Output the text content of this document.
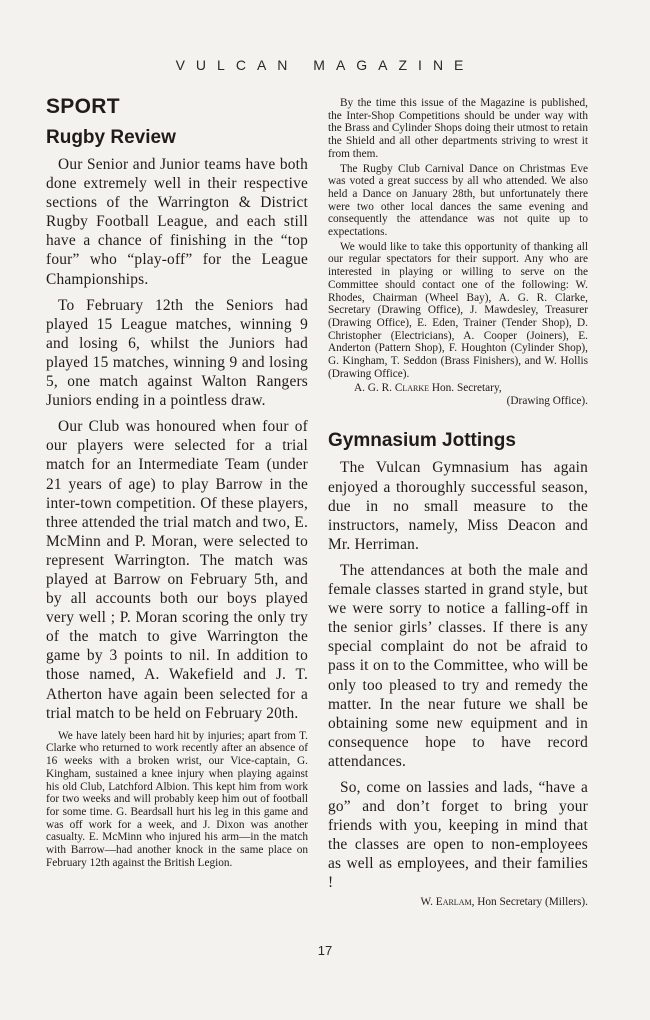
VULCAN MAGAZINE
SPORT
Rugby Review

Our Senior and Junior teams have both done extremely well in their respective sections of the Warrington & District Rugby Football League, and each still have a chance of finishing in the “top four” who “play-off” for the League Championships.

To February 12th the Seniors had played 15 League matches, winning 9 and losing 6, whilst the Juniors had played 15 matches, winning 9 and losing 5, one match against Walton Rangers Juniors ending in a pointless draw.

Our Club was honoured when four of our players were selected for a trial match for an Intermediate Team (under 21 years of age) to play Barrow in the inter-town competition. Of these players, three attended the trial match and two, E. McMinn and P. Moran, were selected to represent Warrington. The match was played at Barrow on February 5th, and by all accounts both our boys played very well ; P. Moran scoring the only try of the match to give Warrington the game by 3 points to nil. In addition to those named, A. Wakefield and J. T. Atherton have again been selected for a trial match to be held on February 20th.

We have lately been hard hit by injuries; apart from T. Clarke who returned to work recently after an absence of 16 weeks with a broken wrist, our Vice-captain, G. Kingham, sustained a knee injury when playing against his old Club, Latchford Albion. This kept him from work for two weeks and will probably keep him out of football for some time. G. Beardsall hurt his leg in this game and was off work for a week, and J. Dixon was another casualty. E. McMinn who injured his arm—in the match with Barrow—had another knock in the same place on February 12th against the British Legion.

By the time this issue of the Magazine is published, the Inter-Shop Competitions should be under way with the Brass and Cylinder Shops doing their utmost to retain the Shield and all other departments striving to wrest it from them.

The Rugby Club Carnival Dance on Christmas Eve was voted a great success by all who attended. We also held a Dance on January 28th, but unfortunately there were two other local dances the same evening and consequently the attendance was not quite up to expectations.

We would like to take this opportunity of thanking all our regular spectators for their support. Any who are interested in playing or willing to serve on the Committee should contact one of the following: W. Rhodes, Chairman (Wheel Bay), A. G. R. Clarke, Secretary (Drawing Office), J. Mawdesley, Treasurer (Drawing Office), E. Eden, Trainer (Tender Shop), D. Christopher (Electricians), A. Cooper (Joiners), E. Anderton (Pattern Shop), F. Houghton (Cylinder Shop), G. Kingham, T. Seddon (Brass Finishers), and W. Hollis (Drawing Office).

A. G. R. Clarke Hon. Secretary,
(Drawing Office).
Gymnasium Jottings

The Vulcan Gymnasium has again enjoyed a thoroughly successful season, due in no small measure to the instructors, namely, Miss Deacon and Mr. Herriman.

The attendances at both the male and female classes started in grand style, but we were sorry to notice a falling-off in the senior girls’ classes. If there is any special complaint do not be afraid to pass it on to the Committee, who will be only too pleased to try and remedy the matter. In the near future we shall be obtaining some new equipment and in consequence hope to have record attendances.

So, come on lassies and lads, “have a go” and don’t forget to bring your friends with you, keeping in mind that the classes are open to non-employees as well as employees, and their families !

W. Earlam, Hon Secretary (Millers).
17
